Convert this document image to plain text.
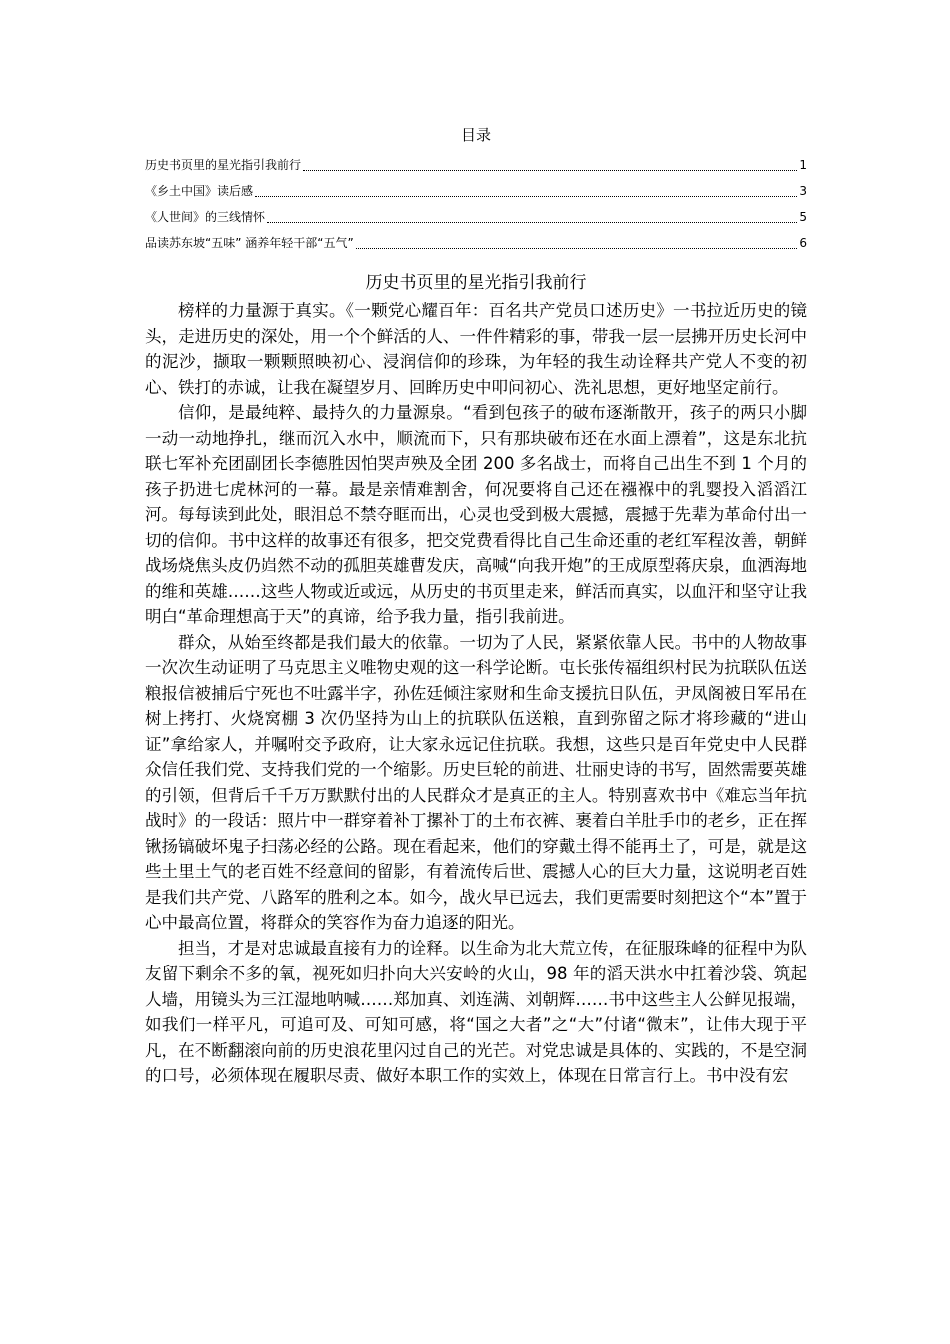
目录
历史书页里的星光指引我前行	1
《乡土中国》读后感	3
《人世间》的三线情怀	5
品读苏东坡“五味” 涵养年轻干部“五气”	6
历史书页里的星光指引我前行

榜样的力量源于真实。《一颗党心耀百年：百名共产党员口述历史》一书拉近历史的镜头，走进历史的深处，用一个个鲜活的人、一件件精彩的事，带我一层一层拂开历史长河中的泥沙，撷取一颗颗照映初心、浸润信仰的珍珠，为年轻的我生动诠释共产党人不变的初心、铁打的赤诚，让我在凝望岁月、回眸历史中叩问初心、洗礼思想，更好地坚定前行。

信仰，是最纯粹、最持久的力量源泉。“看到包孩子的破布逐渐散开，孩子的两只小脚一动一动地挣扎，继而沉入水中，顺流而下，只有那块破布还在水面上漂着”，这是东北抗联七军补充团副团长李德胜因怕哭声殃及全团 200 多名战士，而将自己出生不到 1 个月的孩子扔进七虎林河的一幕。最是亲情难割舍，何况要将自己还在襁褓中的乳婴投入滔滔江河。每每读到此处，眼泪总不禁夺眶而出，心灵也受到极大震撼，震撼于先辈为革命付出一切的信仰。书中这样的故事还有很多，把交党费看得比自己生命还重的老红军程汝善，朝鲜战场烧焦头皮仍岿然不动的孤胆英雄曹发庆，高喊“向我开炮”的王成原型蒋庆泉，血洒海地的维和英雄……这些人物或近或远，从历史的书页里走来，鲜活而真实，以血汗和坚守让我明白“革命理想高于天”的真谛，给予我力量，指引我前进。

群众，从始至终都是我们最大的依靠。一切为了人民，紧紧依靠人民。书中的人物故事一次次生动证明了马克思主义唯物史观的这一科学论断。屯长张传福组织村民为抗联队伍送粮报信被捕后宁死也不吐露半字，孙佐廷倾注家财和生命支援抗日队伍，尹凤阁被日军吊在树上拷打、火烧窝棚 3 次仍坚持为山上的抗联队伍送粮，直到弥留之际才将珍藏的“进山证”拿给家人，并嘱咐交予政府，让大家永远记住抗联。我想，这些只是百年党史中人民群众信任我们党、支持我们党的一个缩影。历史巨轮的前进、壮丽史诗的书写，固然需要英雄的引领，但背后千千万万默默付出的人民群众才是真正的主人。特别喜欢书中《难忘当年抗战时》的一段话：照片中一群穿着补丁摞补丁的土布衣裤、裹着白羊肚手巾的老乡，正在挥锹扬镐破坏鬼子扫荡必经的公路。现在看起来，他们的穿戴土得不能再土了，可是，就是这些土里土气的老百姓不经意间的留影，有着流传后世、震撼人心的巨大力量，这说明老百姓是我们共产党、八路军的胜利之本。如今，战火早已远去，我们更需要时刻把这个“本”置于心中最高位置，将群众的笑容作为奋力追逐的阳光。

担当，才是对忠诚最直接有力的诠释。以生命为北大荒立传，在征服珠峰的征程中为队友留下剩余不多的氧，视死如归扑向大兴安岭的火山，98 年的滔天洪水中扛着沙袋、筑起人墙，用镜头为三江湿地呐喊……郑加真、刘连满、刘朝辉……书中这些主人公鲜见报端，如我们一样平凡，可追可及、可知可感，将“国之大者”之“大”付诸“微末”，让伟大现于平凡，在不断翻滚向前的历史浪花里闪过自己的光芒。对党忠诚是具体的、实践的，不是空洞的口号，必须体现在履职尽责、做好本职工作的实效上，体现在日常言行上。书中没有宏
